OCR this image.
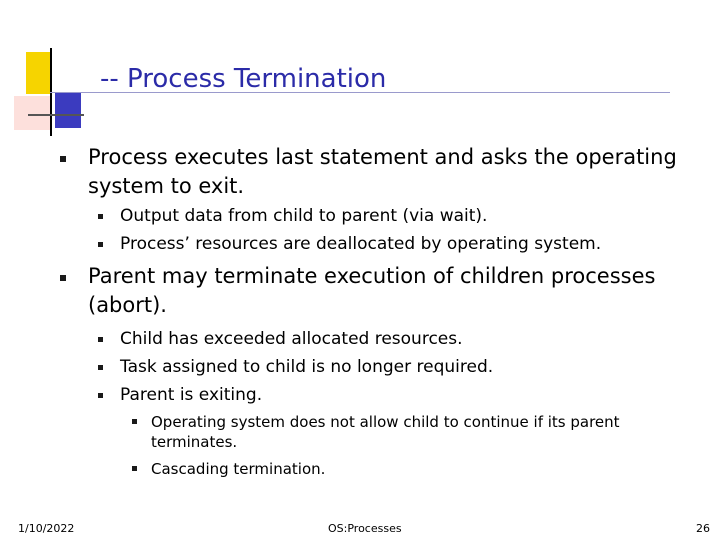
-- Process Termination
Process executes last statement and asks the operating
system to exit.
Output data from child to parent (via wait).
Process’ resources are deallocated by operating system.
Parent may terminate execution of children processes
(abort).
Child has exceeded allocated resources.
Task assigned to child is no longer required.
Parent is exiting.
Operating system does not allow child to continue if its parent
terminates.
Cascading termination.
1/10/2022	OS:Processes	26
